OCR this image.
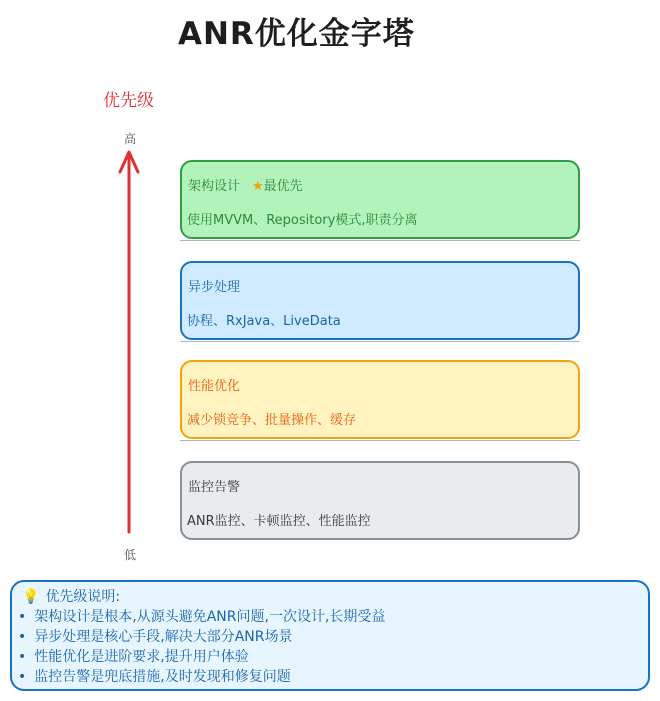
ANR优化金字塔
优先级
高
低
架构设计 ★最优先
使用MVVM、Repository模式,职责分离
异步处理
协程、RxJava、LiveData
性能优化
减少锁竞争、批量操作、缓存
监控告警
ANR监控、卡顿监控、性能监控
💡 优先级说明:
• 架构设计是根本,从源头避免ANR问题,一次设计,长期受益
• 异步处理是核心手段,解决大部分ANR场景
• 性能优化是进阶要求,提升用户体验
• 监控告警是兜底措施,及时发现和修复问题
